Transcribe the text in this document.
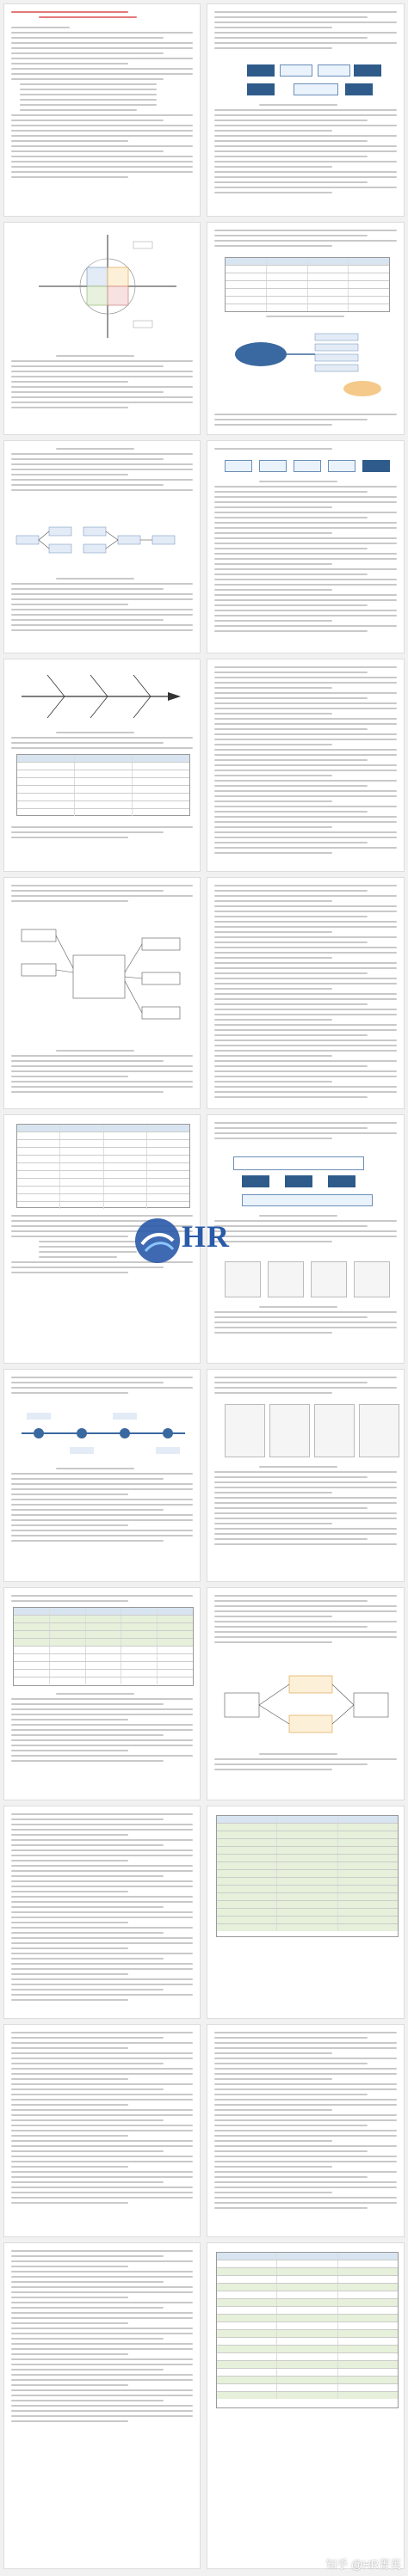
HR
知乎 @HR菁英
